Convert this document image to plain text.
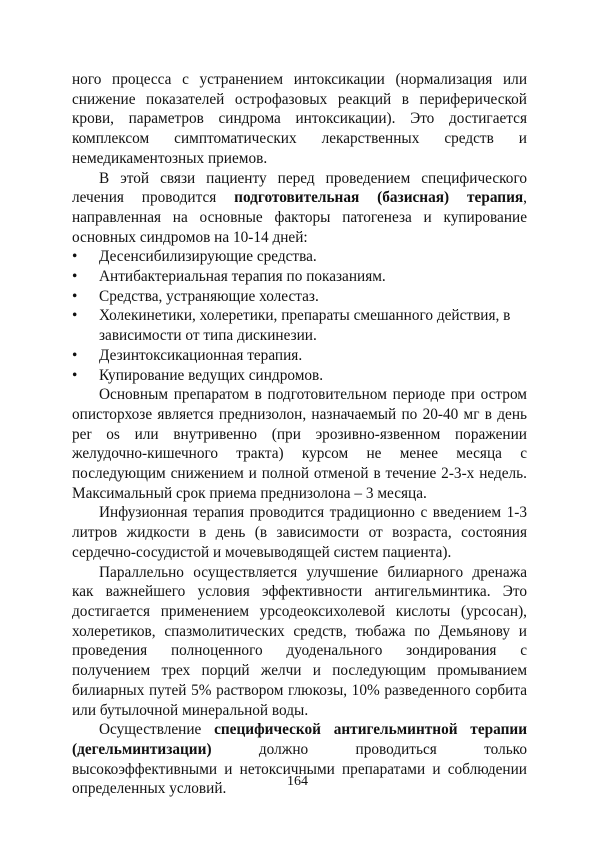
ного процесса с устранением интоксикации (нормализация или снижение показателей острофазовых реакций в периферической крови, параметров синдрома интоксикации). Это достигается комплексом симптоматических лекарственных средств и немедикаментозных приемов.

В этой связи пациенту перед проведением специфического лечения проводится подготовительная (базисная) терапия, направленная на основные факторы патогенеза и купирование основных синдромов на 10-14 дней:

• Десенсибилизирующие средства.
• Антибактериальная терапия по показаниям.
• Средства, устраняющие холестаз.
• Холекинетики, холеретики, препараты смешанного действия, в зависимости от типа дискинезии.
• Дезинтоксикационная терапия.
• Купирование ведущих синдромов.

Основным препаратом в подготовительном периоде при остром описторхозе является преднизолон, назначаемый по 20-40 мг в день per os или внутривенно (при эрозивно-язвенном поражении желудочно-кишечного тракта) курсом не менее месяца с последующим снижением и полной отменой в течение 2-3-х недель. Максимальный срок приема преднизолона – 3 месяца.

Инфузионная терапия проводится традиционно с введением 1-3 литров жидкости в день (в зависимости от возраста, состояния сердечно-сосудистой и мочевыводящей систем пациента).

Параллельно осуществляется улучшение билиарного дренажа как важнейшего условия эффективности антигельминтика. Это достигается применением урсодеоксихолевой кислоты (урсосан), холеретиков, спазмолитических средств, тюбажа по Демьянову и проведения полноценного дуоденального зондирования с получением трех порций желчи и последующим промыванием билиарных путей 5% раствором глюкозы, 10% разведенного сорбита или бутылочной минеральной воды.

Осуществление специфической антигельминтной терапии (дегельминтизации) должно проводиться только высокоэффективными и нетоксичными препаратами и соблюдении определенных условий.	164
